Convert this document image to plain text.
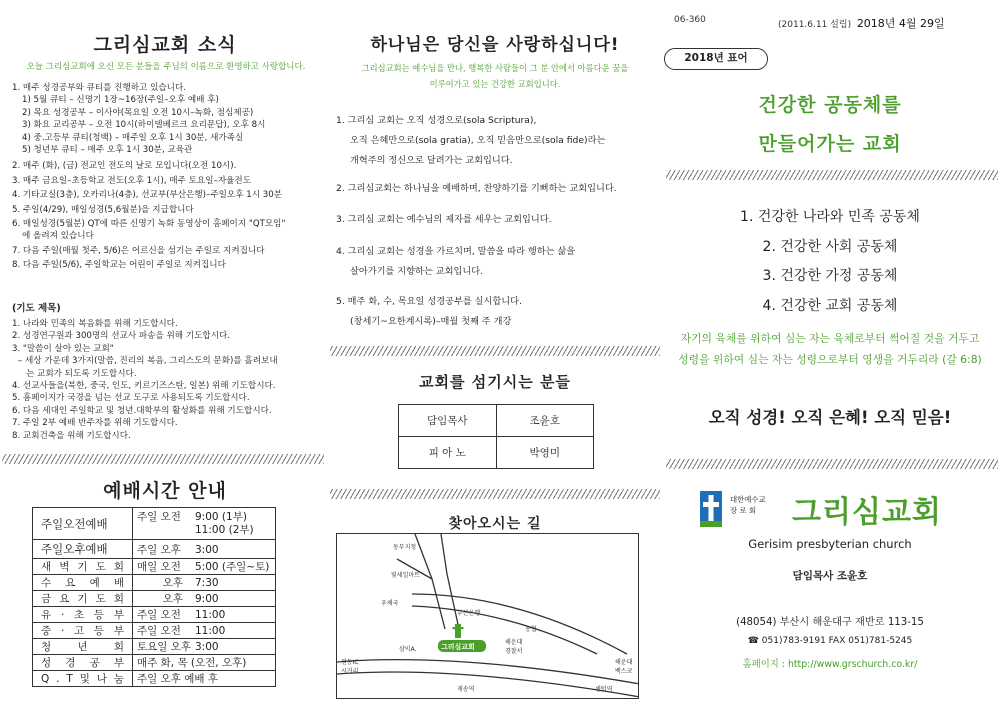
그리심교회 소식
오늘 그리심교회에 오신 모든 분들을 주님의 이름으로 환영하고 사랑합니다.
1. 매주 성경공부와 큐티를 진행하고 있습니다.
1) 5월 큐티 – 신명기 1장~16장(주일–오후 예배 후)
2) 목요 성경공부 – 이사야(목요일 오전 10시–녹화, 점심제공)
3) 화요 교리공부 – 오전 10시(하이델베르크 요리문답), 오후 8시
4) 중.고등부 큐티(청백) – 매주일 오후 1시 30분, 새가족실
5) 청년부 큐티 – 매주 오후 1시 30분, 교육관
2. 매주 (화), (금) 전교인 전도의 날로 모입니다(오전 10시).
3. 매주 금요일–초등학교 전도(오후 1시), 매주 토요일–자율전도
4. 기타교실(3층), 오카리나(4층), 선교부(부산은행)–주일오후 1시 30분
5. 주일(4/29), 매일성경(5,6월분)을 지급합니다
6. 매일성경(5월분) QT에 따른 신명기 녹화 동영상이 홈페이지 "QT모임"
에 올려져 있습니다
7. 다음 주일(매월 첫주, 5/6)은 어르신을 섬기는 주일로 지켜집니다
8. 다음 주일(5/6), 주일학교는 어린이 주일로 지켜집니다
(기도 제목)
1. 나라와 민족의 복음화를 위해 기도합시다.
2. 성경연구원과 300명의 선교사 파송을 위해 기도합시다.
3. "말씀이 살아 있는 교회"
– 세상 가운데 3가지(말씀, 진리의 복음, 그리스도의 문화)를 흘려보내
는 교회가 되도록 기도합시다.
4. 선교사들을(북한, 중국, 인도, 키르기즈스탄, 일본) 위해 기도합시다.
5. 흠페이지가 국경을 넘는 선교 도구로 사용되도록 기도합시다.
6. 다음 세대인 주일학교 및 청년.대학부의 활성화를 위해 기도합시다.
7. 주일 2부 예배 반주자를 위해 기도합시다.
8. 교회건축을 위해 기도합시다.
예배시간 안내
주일오전예배	주일 오전 9:00 (1부)
11:00 (2부)
주일오후예배	주일 오후 3:00
새 벽 기 도 회	매일 오전 5:00 (주일~토)
수 요 예 배	오후 7:30
금 요 기 도 회	오후 9:00
유 · 초 등 부	주일 오전 11:00
중 · 고 등 부	주일 오전 11:00
청 년 회	토요일 오후 3:00
성 경 공 부	매주 화, 목 (오전, 오후)
Q . T 및 나 눔	주일 오후 예배 후
하나님은 당신을 사랑하십니다!
그리심교회는 예수님을 만나, 행복한 사람들이 그 분 안에서 아름다운 꿈을
이루어가고 있는 건강한 교회입니다.
1. 그리심 교회는 오직 성경으로(sola Scriptura),
오직 은혜만으로(sola gratia), 오직 믿음만으로(sola fide)라는
개혁주의 정신으로 달려가는 교회입니다.
2. 그리심교회는 하나님을 예배하며, 찬양하기를 기뻐하는 교회입니다.
3. 그리심 교회는 예수님의 제자를 세우는 교회입니다.
4. 그리심 교회는 성경을 가르치며, 말씀을 따라 행하는 삶을
살아가기를 지향하는 교회입니다.
5. 매주 화, 수, 목요일 성경공부를 실시합니다.
(창세기~요한계시록)–매월 첫째 주 개강
교회를 섬기시는 분들
담임목사	조윤호
피 아 노	박영미
찾아오시는 길
동부지청
빛세일마트
우체국
부산은행
농협
해운대
경찰서
삼익A.	그리심교회
원동IC
시거리
해운대
벡스코
재송역	센텀역
06-360	(2011.6.11 설립) 2018년 4월 29일
2018년 표어
건강한 공동체를
만들어가는 교회
1. 건강한 나라와 민족 공동체
2. 건강한 사회 공동체
3. 건강한 가정 공동체
4. 건강한 교회 공동체
자기의 육체를 위하여 심는 자는 육체로부터 썩어질 것을 거두고
성령을 위하여 심는 자는 성령으로부터 영생을 거두리라 (갈 6:8)
오직 성경! 오직 은혜! 오직 믿음!
대한예수교
장 로 회	그리심교회
Gerisim presbyterian church
담임목사 조윤호
(48054) 부산시 해운대구 재반로 113-15
☎ 051)783-9191 FAX 051)781-5245
홈페이지 : http://www.grschurch.co.kr/
